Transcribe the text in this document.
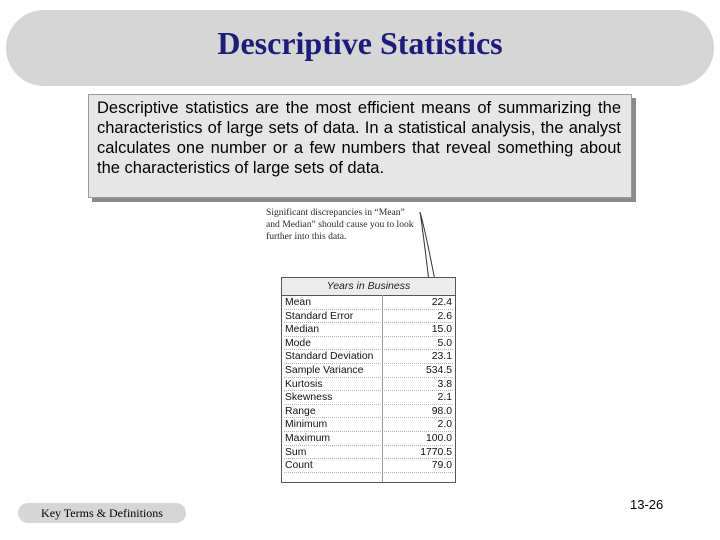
Descriptive Statistics
Descriptive statistics are the most efficient means of summarizing the characteristics of large sets of data. In a statistical analysis, the analyst calculates one number or a few numbers that reveal something about the characteristics of large sets of data.
Significant discrepancies in “Mean” and Median” should cause you to look further into this data.
Years in Business
Mean	22.4
Standard Error	2.6
Median	15.0
Mode	5.0
Standard Deviation	23.1
Sample Variance	534.5
Kurtosis	3.8
Skewness	2.1
Range	98.0
Minimum	2.0
Maximum	100.0
Sum	1770.5
Count	79.0
Key Terms & Definitions
13-26
